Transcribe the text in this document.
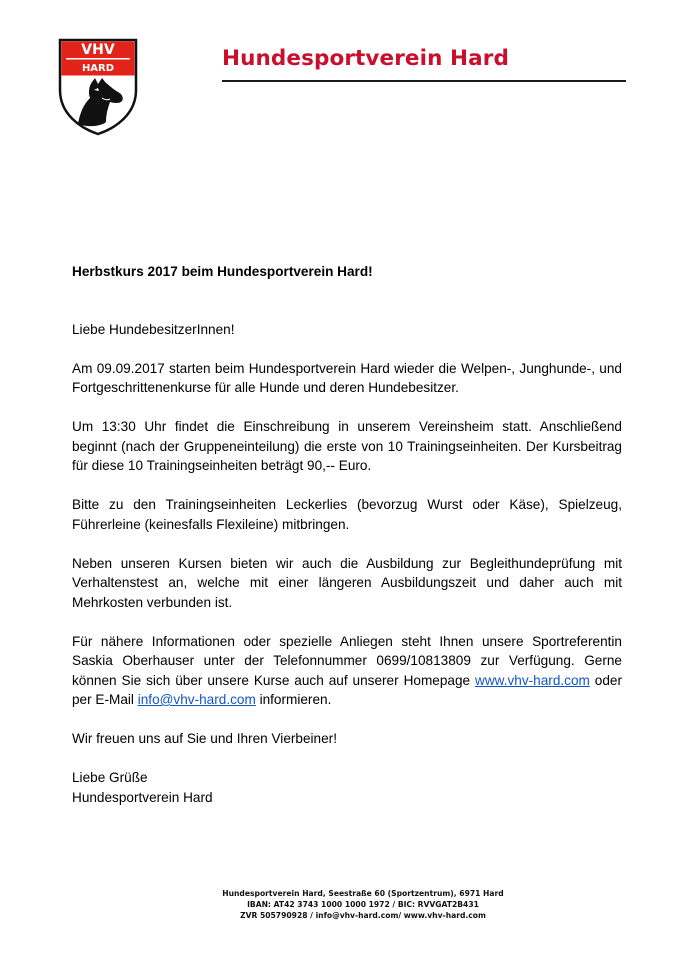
VHV
HARD	Hundesportverein Hard

Herbstkurs 2017 beim Hundesportverein Hard!

Liebe HundebesitzerInnen!

Am 09.09.2017 starten beim Hundesportverein Hard wieder die Welpen-, Junghunde-, und Fortgeschrittenenkurse für alle Hunde und deren Hundebesitzer.

Um 13:30 Uhr findet die Einschreibung in unserem Vereinsheim statt. Anschließend beginnt (nach der Gruppeneinteilung) die erste von 10 Trainingseinheiten. Der Kursbeitrag für diese 10 Trainingseinheiten beträgt 90,-- Euro.

Bitte zu den Trainingseinheiten Leckerlies (bevorzug Wurst oder Käse), Spielzeug, Führerleine (keinesfalls Flexileine) mitbringen.

Neben unseren Kursen bieten wir auch die Ausbildung zur Begleithundeprüfung mit Verhaltenstest an, welche mit einer längeren Ausbildungszeit und daher auch mit Mehrkosten verbunden ist.

Für nähere Informationen oder spezielle Anliegen steht Ihnen unsere Sportreferentin Saskia Oberhauser unter der Telefonnummer 0699/10813809 zur Verfügung. Gerne können Sie sich über unsere Kurse auch auf unserer Homepage www.vhv-hard.com oder per E-Mail info@vhv-hard.com informieren.

Wir freuen uns auf Sie und Ihren Vierbeiner!

Liebe Grüße

Hundesportverein Hard

Hundesportverein Hard, Seestraße 60 (Sportzentrum), 6971 Hard
IBAN: AT42 3743 1000 1000 1972 / BIC: RVVGAT2B431
ZVR 505790928 / info@vhv-hard.com/ www.vhv-hard.com
